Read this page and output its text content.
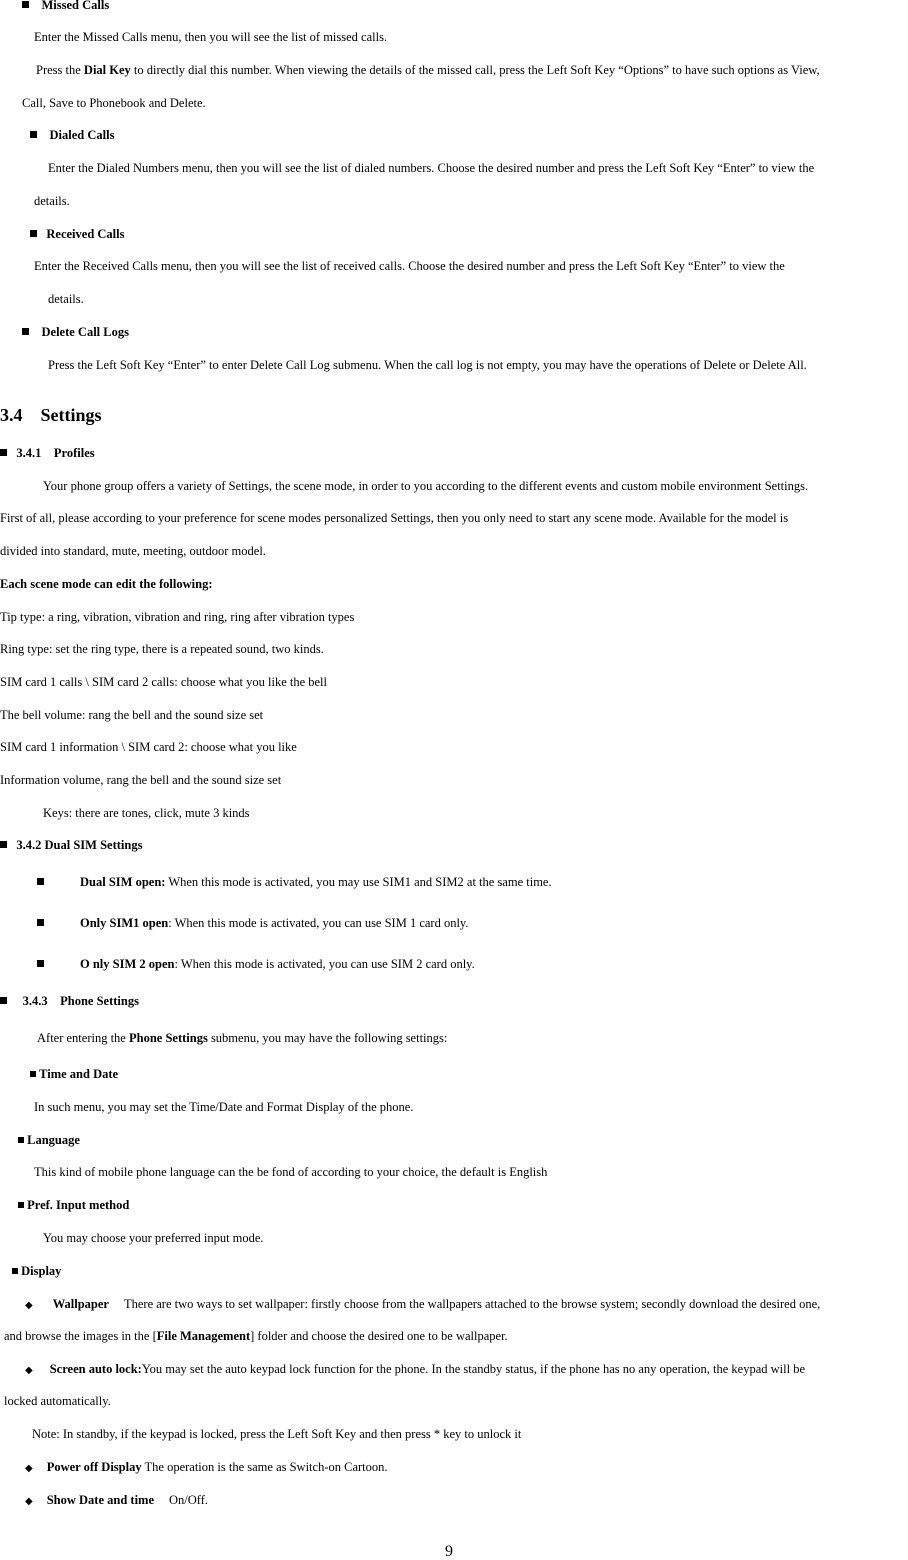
Missed Calls
Enter the Missed Calls menu, then you will see the list of missed calls.
Press the Dial Key to directly dial this number. When viewing the details of the missed call, press the Left Soft Key “Options” to have such options as View,
Call, Save to Phonebook and Delete.
Dialed Calls
Enter the Dialed Numbers menu, then you will see the list of dialed numbers. Choose the desired number and press the Left Soft Key “Enter” to view the
details.
Received Calls
Enter the Received Calls menu, then you will see the list of received calls. Choose the desired number and press the Left Soft Key “Enter” to view the
details.
Delete Call Logs
Press the Left Soft Key “Enter” to enter Delete Call Log submenu. When the call log is not empty, you may have the operations of Delete or Delete All.
3.4 Settings
3.4.1 Profiles
Your phone group offers a variety of Settings, the scene mode, in order to you according to the different events and custom mobile environment Settings.
First of all, please according to your preference for scene modes personalized Settings, then you only need to start any scene mode. Available for the model is
divided into standard, mute, meeting, outdoor model.
Each scene mode can edit the following:
Tip type: a ring, vibration, vibration and ring, ring after vibration types
Ring type: set the ring type, there is a repeated sound, two kinds.
SIM card 1 calls \ SIM card 2 calls: choose what you like the bell
The bell volume: rang the bell and the sound size set
SIM card 1 information \ SIM card 2: choose what you like
Information volume, rang the bell and the sound size set
Keys: there are tones, click, mute 3 kinds
3.4.2 Dual SIM Settings
Dual SIM open: When this mode is activated, you may use SIM1 and SIM2 at the same time.
Only SIM1 open: When this mode is activated, you can use SIM 1 card only.
O nly SIM 2 open: When this mode is activated, you can use SIM 2 card only.
3.4.3 Phone Settings
After entering the Phone Settings submenu, you may have the following settings:
Time and Date
In such menu, you may set the Time/Date and Format Display of the phone.
Language
This kind of mobile phone language can the be fond of according to your choice, the default is English
Pref. Input method
You may choose your preferred input mode.
Display
◆ Wallpaper There are two ways to set wallpaper: firstly choose from the wallpapers attached to the browse system; secondly download the desired one,
and browse the images in the [File Management] folder and choose the desired one to be wallpaper.
◆ Screen auto lock:You may set the auto keypad lock function for the phone. In the standby status, if the phone has no any operation, the keypad will be
locked automatically.
Note: In standby, if the keypad is locked, press the Left Soft Key and then press * key to unlock it
◆ Power off Display The operation is the same as Switch-on Cartoon.
◆ Show Date and time On/Off.
9
